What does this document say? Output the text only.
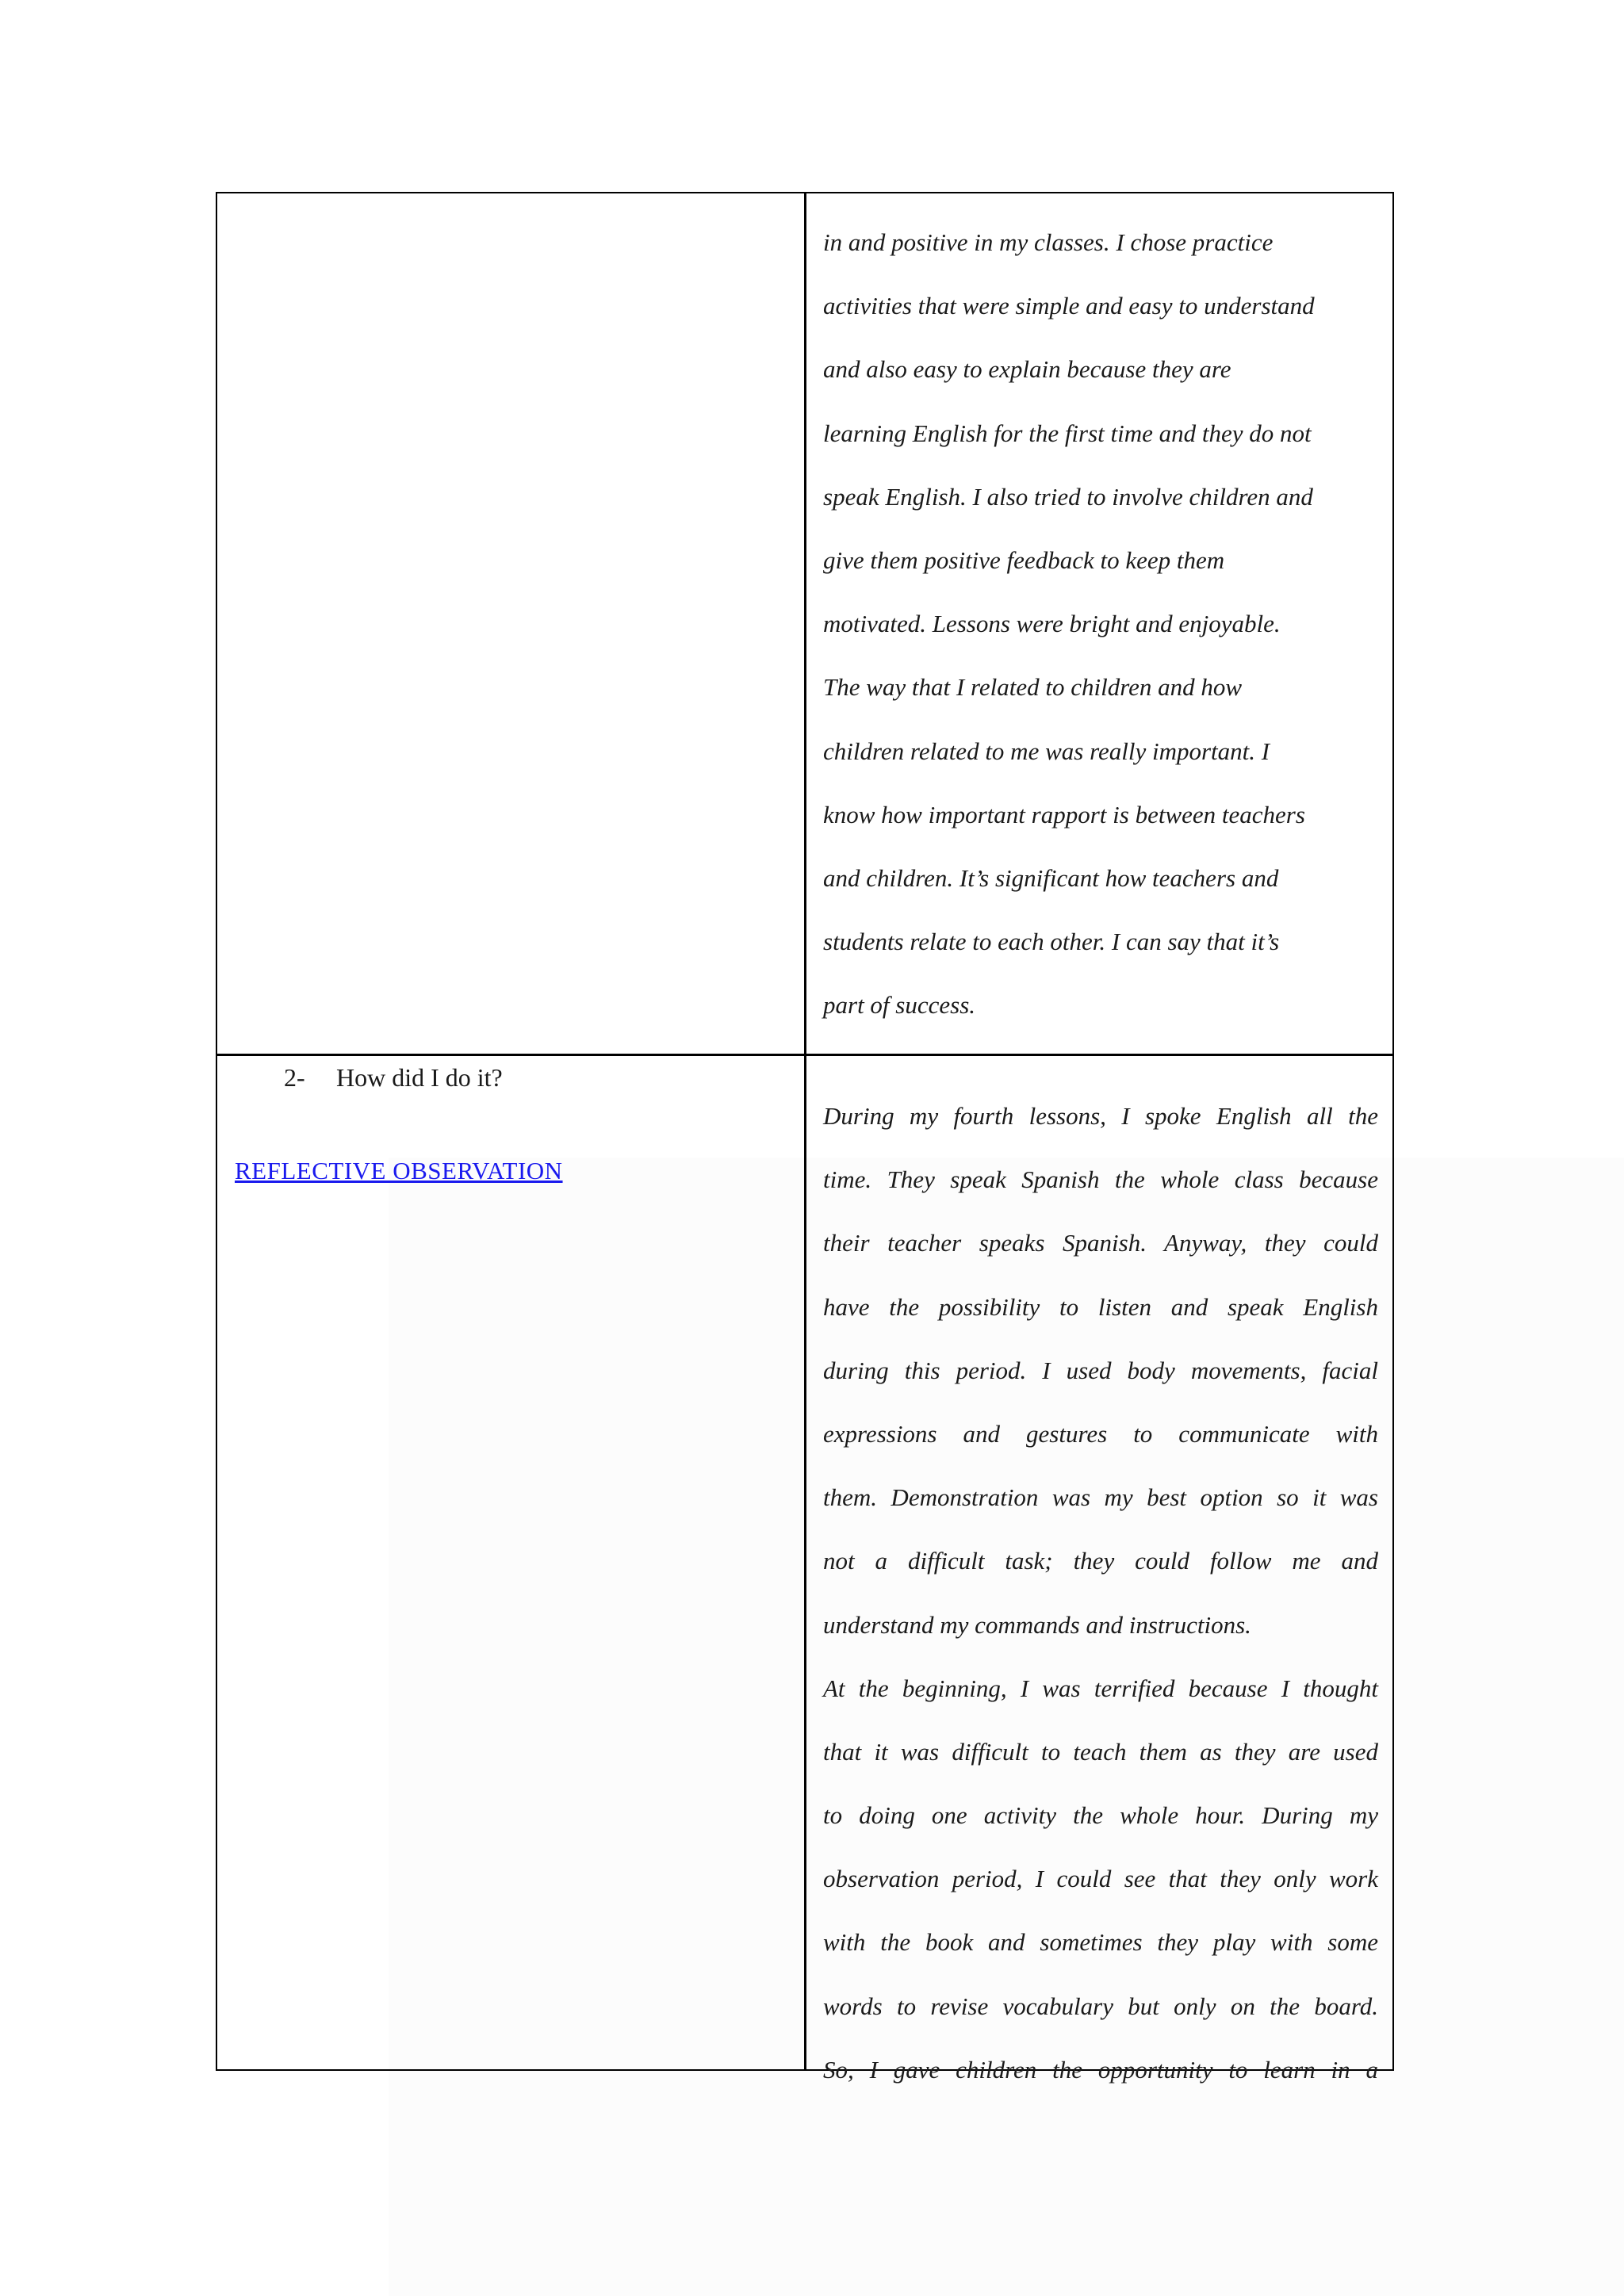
in and positive in my classes. I chose practice
activities that were simple and easy to understand
and also easy to explain because they are
learning English for the first time and they do not
speak English. I also tried to involve children and
give them positive feedback to keep them
motivated. Lessons were bright and enjoyable.
The way that I related to children and how
children related to me was really important. I
know how important rapport is between teachers
and children. It’s significant how teachers and
students relate to each other. I can say that it’s
part of success.
2- How did I do it?
REFLECTIVE OBSERVATION
During my fourth lessons, I spoke English all the
time. They speak Spanish the whole class because
their teacher speaks Spanish. Anyway, they could
have the possibility to listen and speak English
during this period. I used body movements, facial
expressions and gestures to communicate with
them. Demonstration was my best option so it was
not a difficult task; they could follow me and
understand my commands and instructions.
At the beginning, I was terrified because I thought
that it was difficult to teach them as they are used
to doing one activity the whole hour. During my
observation period, I could see that they only work
with the book and sometimes they play with some
words to revise vocabulary but only on the board.
So, I gave children the opportunity to learn in a
